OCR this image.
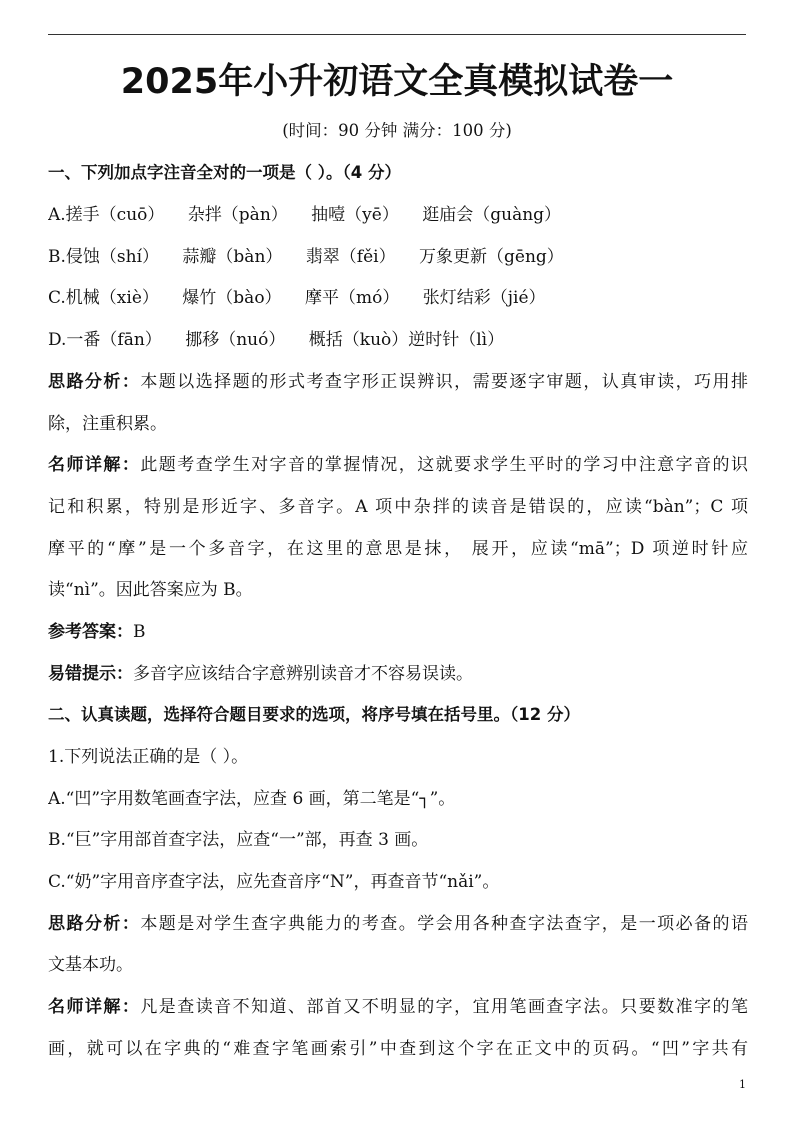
2025年小升初语文全真模拟试卷一
(时间：90 分钟 满分：100 分)
一、下列加点字注音全对的一项是（ ）。（4 分）
A.搓手（cuō） 杂拌（pàn） 抽噎（yē） 逛庙会（guàng）
B.侵蚀（shí） 蒜瓣（bàn） 翡翠（fěi） 万象更新（gēng）
C.机械（xiè） 爆竹（bào） 摩平（mó） 张灯结彩（jié）
D.一番（fān） 挪移（nuó） 概括（kuò）逆时针（lì）
思路分析：本题以选择题的形式考查字形正误辨识，需要逐字审题，认真审读，巧用排
除，注重积累。
名师详解：此题考查学生对字音的掌握情况，这就要求学生平时的学习中注意字音的识
记和积累，特别是形近字、多音字。A 项中杂拌的读音是错误的，应读“bàn”；C 项
摩平的“摩”是一个多音字，在这里的意思是抹， 展开，应读“mā”；D 项逆时针应
读“nì”。因此答案应为 B。
参考答案：B
易错提示：多音字应该结合字意辨别读音才不容易误读。
二、认真读题，选择符合题目要求的选项，将序号填在括号里。（12 分）
1.下列说法正确的是（ ）。
A.“凹”字用数笔画查字法，应查 6 画，第二笔是“┐”。
B.“巨”字用部首查字法，应查“一”部，再查 3 画。
C.“奶”字用音序查字法，应先查音序“N”，再查音节“nǎi”。
思路分析：本题是对学生查字典能力的考查。学会用各种查字法查字，是一项必备的语
文基本功。
名师详解：凡是查读音不知道、部首又不明显的字，宜用笔画查字法。只要数准字的笔
画，就可以在字典的“难查字笔画索引”中查到这个字在正文中的页码。“凹”字共有
1
